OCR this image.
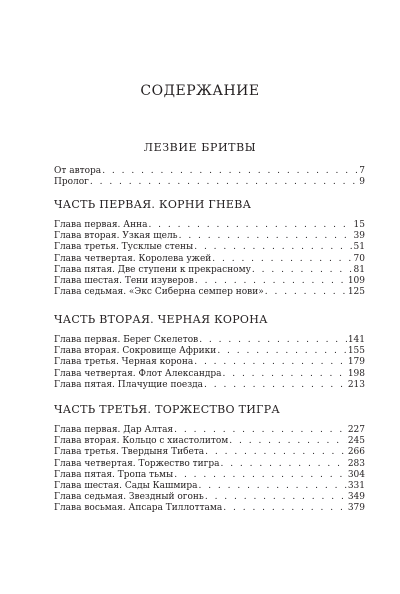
СОДЕРЖАНИЕ
ЛЕЗВИЕ БРИТВЫ
От автора . . .	7
Пролог . . .	9
ЧАСТЬ ПЕРВАЯ. КОРНИ ГНЕВА
Глава первая. Анна . . .	15
Глава вторая. Узкая щель . . .	39
Глава третья. Тусклые стены . . .	51
Глава четвертая. Королева ужей . . .	70
Глава пятая. Две ступени к прекрасному . . .	81
Глава шестая. Тени изуверов . . .	109
Глава седьмая. «Экс Сиберна семпер нови» . . .	125
ЧАСТЬ ВТОРАЯ. ЧЕРНАЯ КОРОНА
Глава первая. Берег Скелетов . . .	141
Глава вторая. Сокровище Африки . . .	155
Глава третья. Черная корона . . .	179
Глава четвертая. Флот Александра . . .	198
Глава пятая. Плачущие поезда . . .	213
ЧАСТЬ ТРЕТЬЯ. ТОРЖЕСТВО ТИГРА
Глава первая. Дар Алтая . . .	227
Глава вторая. Кольцо с хиастолитом . . .	245
Глава третья. Твердыня Тибета . . .	266
Глава четвертая. Торжество тигра . . .	283
Глава пятая. Тропа тьмы . . .	304
Глава шестая. Сады Кашмира . . .	331
Глава седьмая. Звездный огонь . . .	349
Глава восьмая. Апсара Тиллоттама . . .	379
